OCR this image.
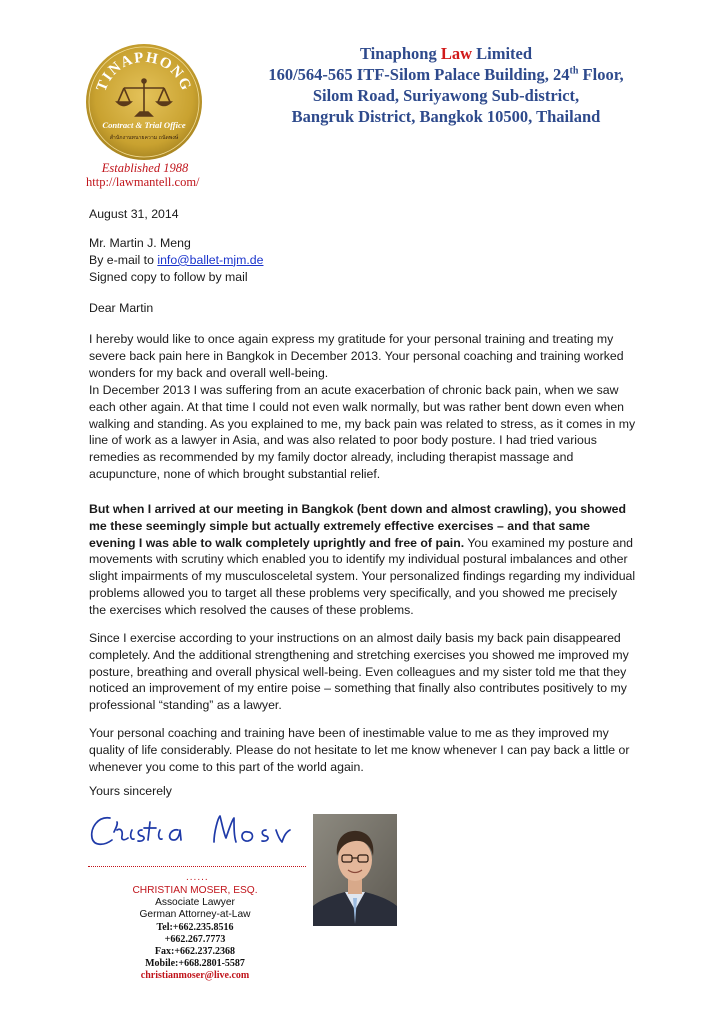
TINAPHONG
Contract & Trial Office
สำนักงานทนายความ ถนัดพงษ์
Established 1988
http://lawmantell.com/
Tinaphong Law Limited
160/564-565 ITF-Silom Palace Building, 24th Floor,
Silom Road, Suriyawong Sub-district,
Bangruk District, Bangkok 10500, Thailand
August 31, 2014
Mr. Martin J. Meng
By e-mail to info@ballet-mjm.de
Signed copy to follow by mail
Dear Martin
I hereby would like to once again express my gratitude for your personal training and treating my severe back pain here in Bangkok in December 2013. Your personal coaching and training worked wonders for my back and overall well-being.
In December 2013 I was suffering from an acute exacerbation of chronic back pain, when we saw each other again. At that time I could not even walk normally, but was rather bent down even when walking and standing. As you explained to me, my back pain was related to stress, as it comes in my line of work as a lawyer in Asia, and was also related to poor body posture. I had tried various remedies as recommended by my family doctor already, including therapist massage and acupuncture, none of which brought substantial relief.
But when I arrived at our meeting in Bangkok (bent down and almost crawling), you showed me these seemingly simple but actually extremely effective exercises – and that same evening I was able to walk completely uprightly and free of pain. You examined my posture and movements with scrutiny which enabled you to identify my individual postural imbalances and other slight impairments of my musculosceletal system. Your personalized findings regarding my individual problems allowed you to target all these problems very specifically, and you showed me precisely the exercises which resolved the causes of these problems.
Since I exercise according to your instructions on an almost daily basis my back pain disappeared completely. And the additional strengthening and stretching exercises you showed me improved my posture, breathing and overall physical well-being. Even colleagues and my sister told me that they noticed an improvement of my entire poise – something that finally also contributes positively to my professional “standing” as a lawyer.
Your personal coaching and training have been of inestimable value to me as they improved my quality of life considerably. Please do not hesitate to let me know whenever I can pay back a little or whenever you come to this part of the world again.
Yours sincerely
......
CHRISTIAN MOSER, ESQ.
Associate Lawyer
German Attorney-at-Law
Tel:+662.235.8516
+662.267.7773
Fax:+662.237.2368
Mobile:+668.2801-5587
christianmoser@live.com
